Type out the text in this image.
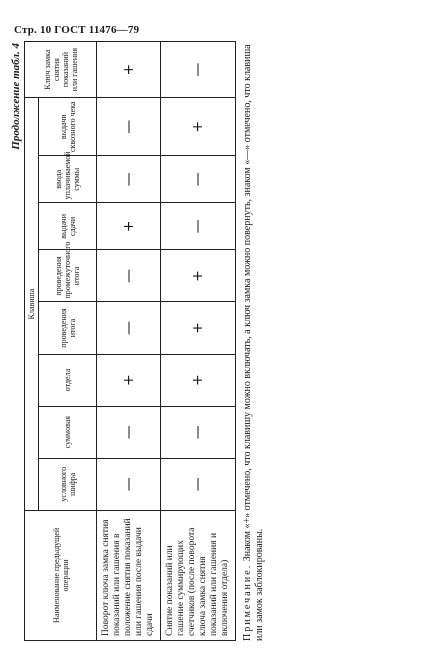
Стр. 10 ГОСТ 11476—79
Продолжение табл. 4
Наименование предыдущей операции	Клавиша								Ключ замка снятия показаний или гашения
	условного шифра	суммовая	отдела	проведения итога	проведения промежуточного итога	выдачи сдачи	ввода уплачиваемой суммы	выдачи сквозного чека	
Поворот ключа замка снятия показаний или гашения в положение снятия показаний или гашения после выдачи сдачи	—	—	+	—	—	+	—	—	+
Снятие показаний или гашение суммирующих счетчиков (после поворота ключа замка снятия показаний или гашения и включения отдела)	—	—	+	+	+	—	—	+	—
Примечание. Знаком «+» отмечено, что клавишу можно включать, а ключ замка можно повернуть, знаком «—» отмечено, что клавиша или замок заблокированы.
